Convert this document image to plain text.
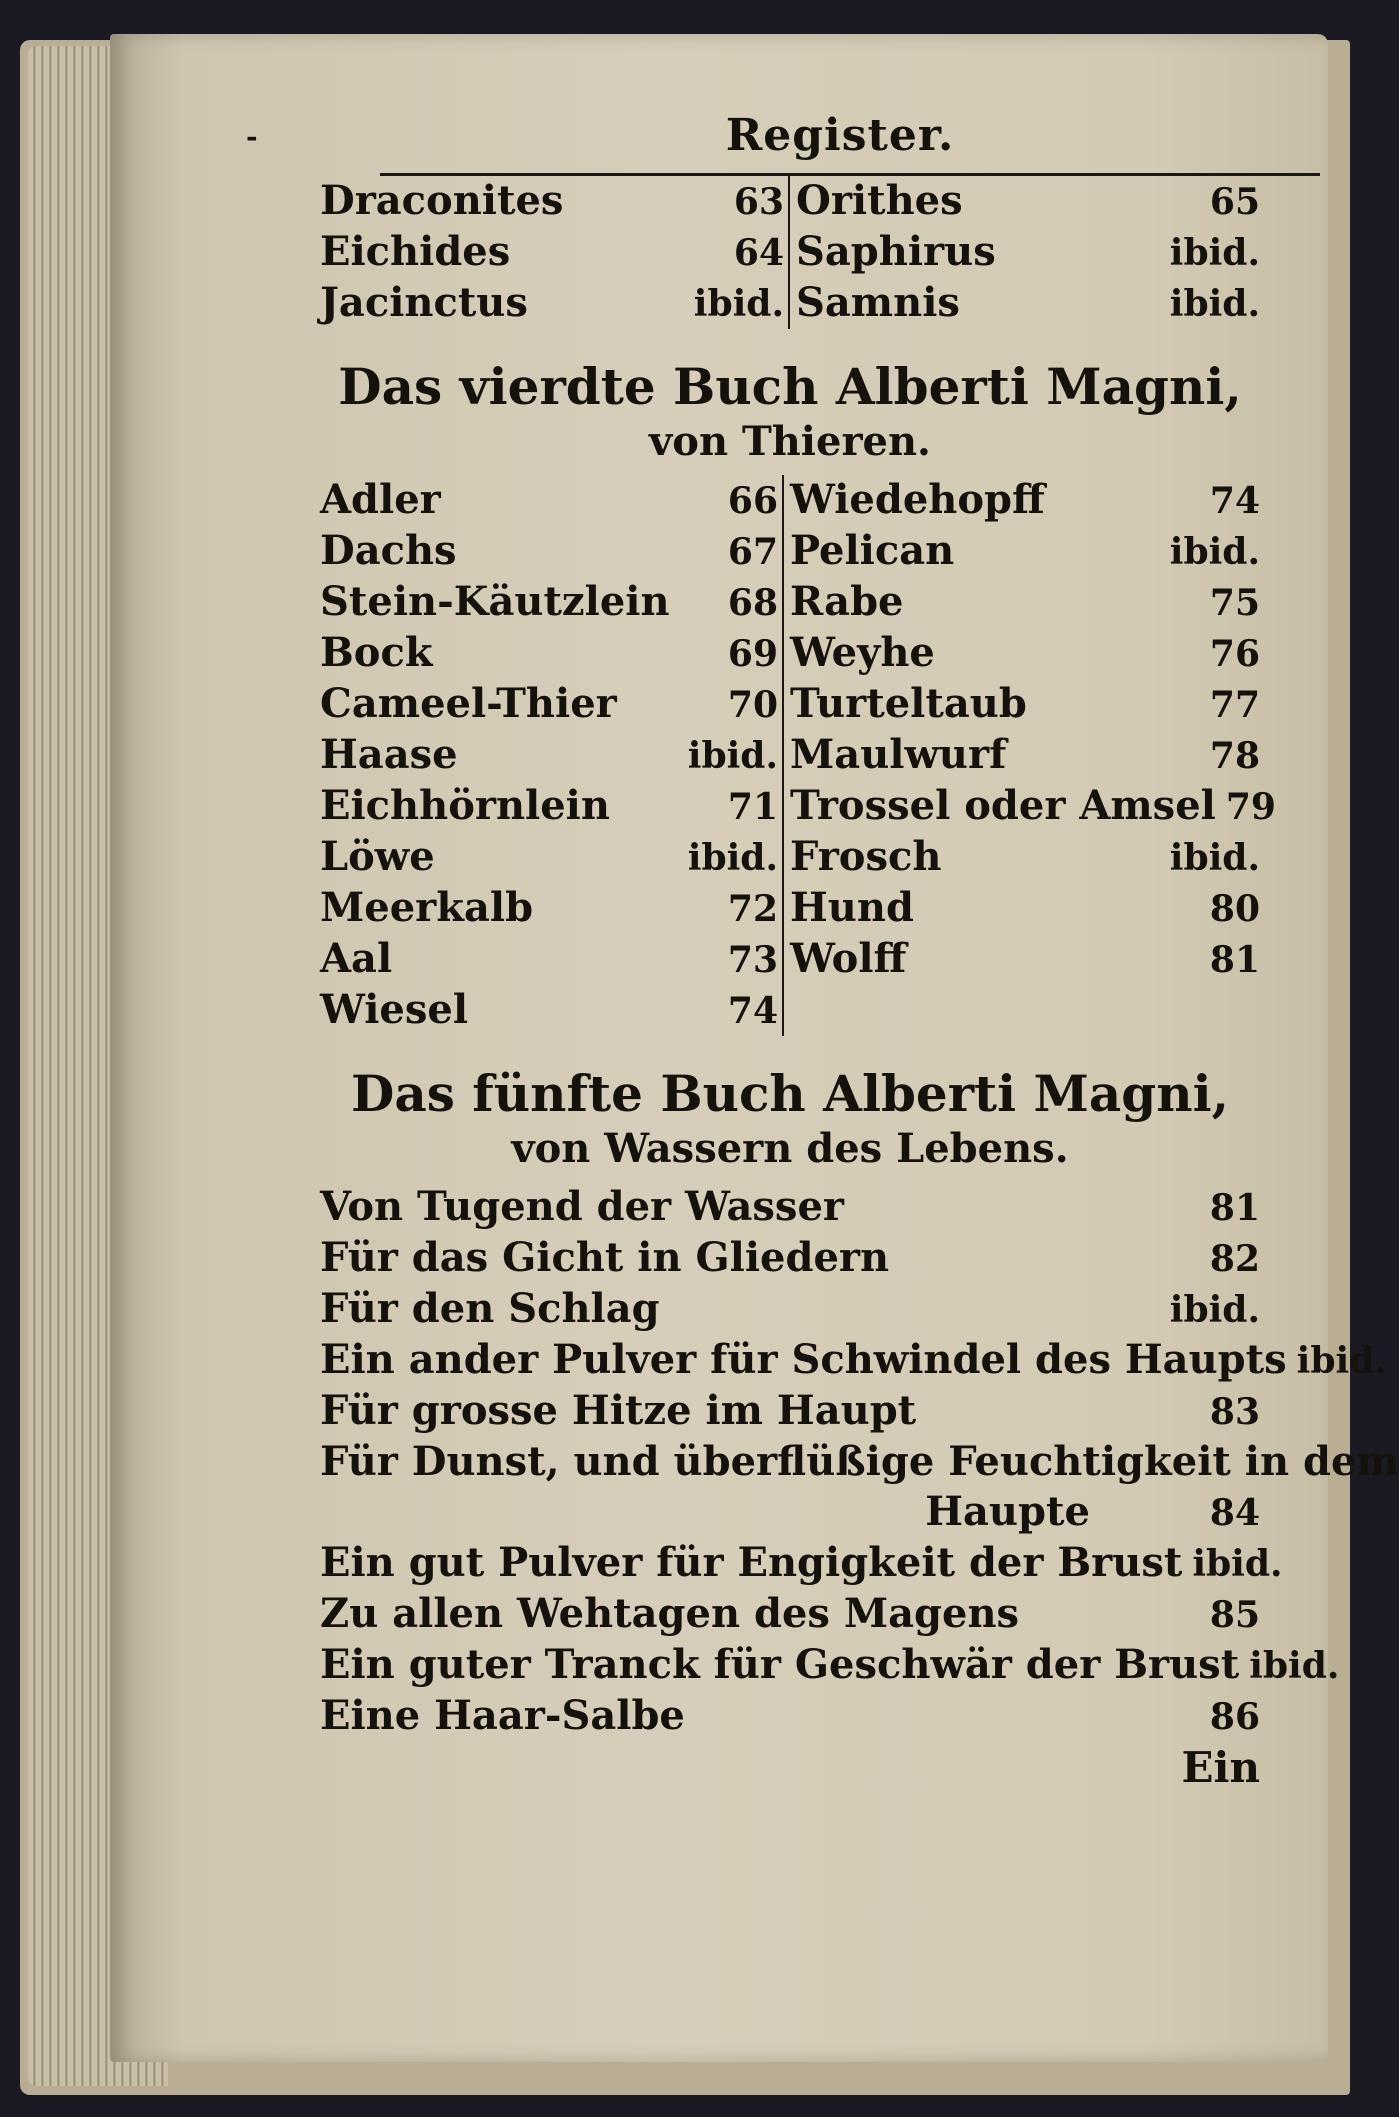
-	Register.
Draconites	63
Eichides	64
Jacinctus	ibid.
Orithes	65
Saphirus	ibid.
Samnis	ibid.
Das vierdte Buch Alberti Magni,
von Thieren.
Adler	66
Dachs	67
Stein-Käutzlein 68
Bock	69
Cameel-Thier	70
Haase	ibid.
Eichhörnlein	71
Löwe	ibid.
Meerkalb	72
Aal	73
Wiesel	74
Wiedehopff	74
Pelican	ibid.
Rabe	75
Weyhe	76
Turteltaub	77
Maulwurf	78
Trossel oder Amsel 79
Frosch	ibid.
Hund	80
Wolff	81
Das fünfte Buch Alberti Magni,
von Wassern des Lebens.
Von Tugend der Wasser	81
Für das Gicht in Gliedern	82
Für den Schlag	ibid.
Ein ander Pulver für Schwindel des Haupts ibid.
Für grosse Hitze im Haupt	83
Für Dunst, und überflüßige Feuchtigkeit in dem
Haupte	84
Ein gut Pulver für Engigkeit der Brust ibid.
Zu allen Wehtagen des Magens	85
Ein guter Tranck für Geschwär der Brust ibid.
Eine Haar-Salbe	86
Ein
